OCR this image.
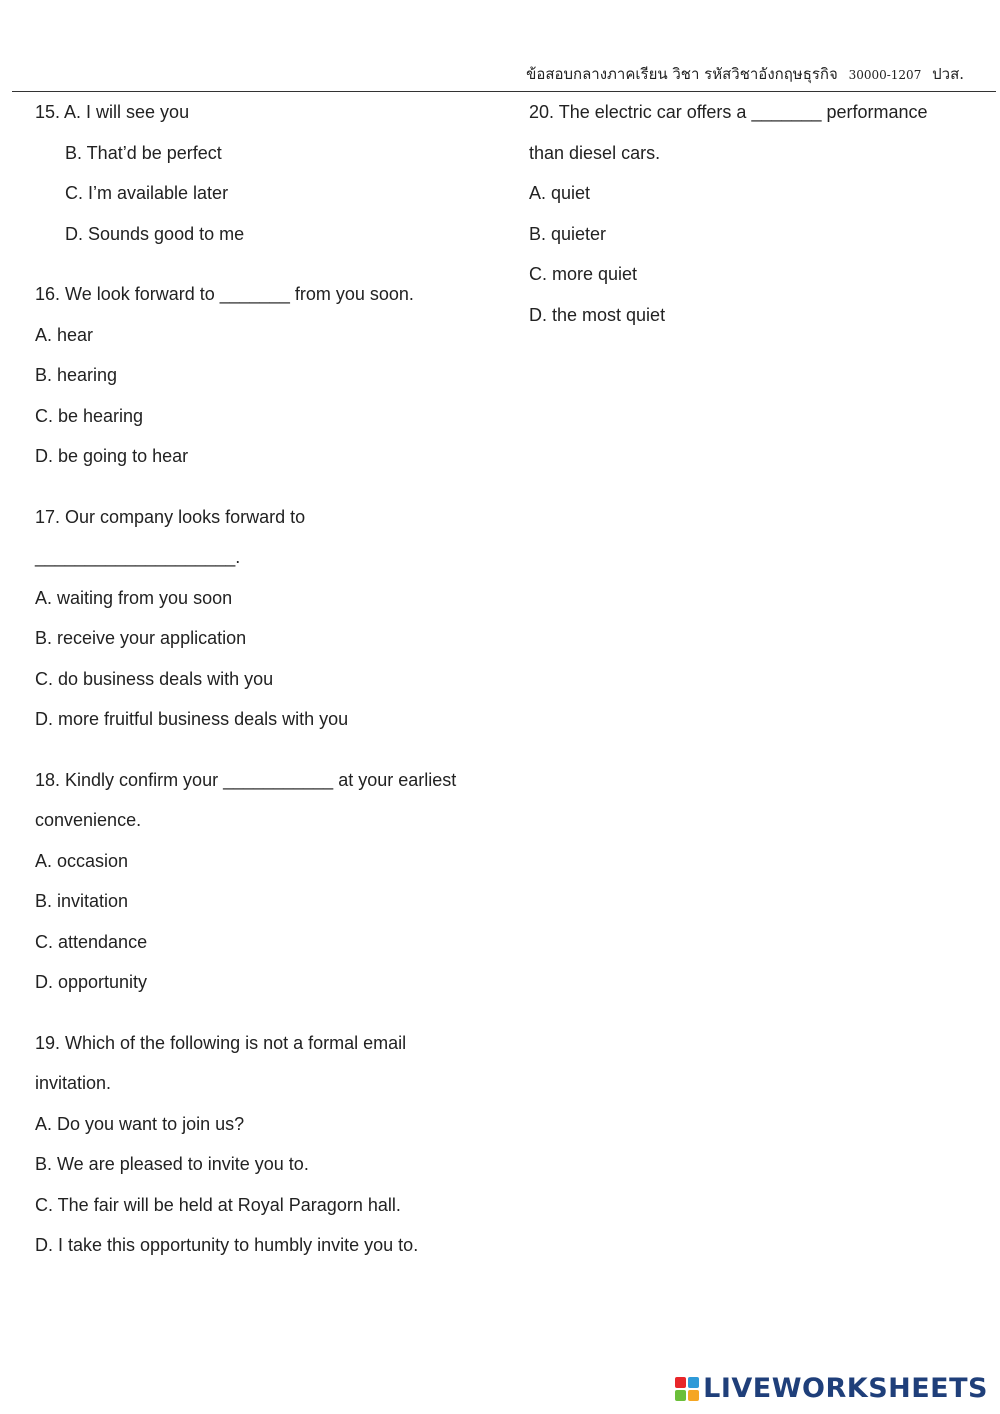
ข้อสอบกลางภาคเรียน วิชา รหัสวิชาอังกฤษธุรกิจ 30000-1207 ปวส.
15. A. I will see you
B. That’d be perfect
C. I’m available later
D. Sounds good to me
16. We look forward to _______ from you soon.
A. hear
B. hearing
C. be hearing
D. be going to hear
17. Our company looks forward to
____________________.
A. waiting from you soon
B. receive your application
C. do business deals with you
D. more fruitful business deals with you
18. Kindly confirm your ___________ at your earliest
convenience.
A. occasion
B. invitation
C. attendance
D. opportunity
19. Which of the following is not a formal email
invitation.
A. Do you want to join us?
B. We are pleased to invite you to.
C. The fair will be held at Royal Paragorn hall.
D. I take this opportunity to humbly invite you to.
20. The electric car offers a _______ performance
than diesel cars.
A. quiet
B. quieter
C. more quiet
D. the most quiet
LIVEWORKSHEETS
